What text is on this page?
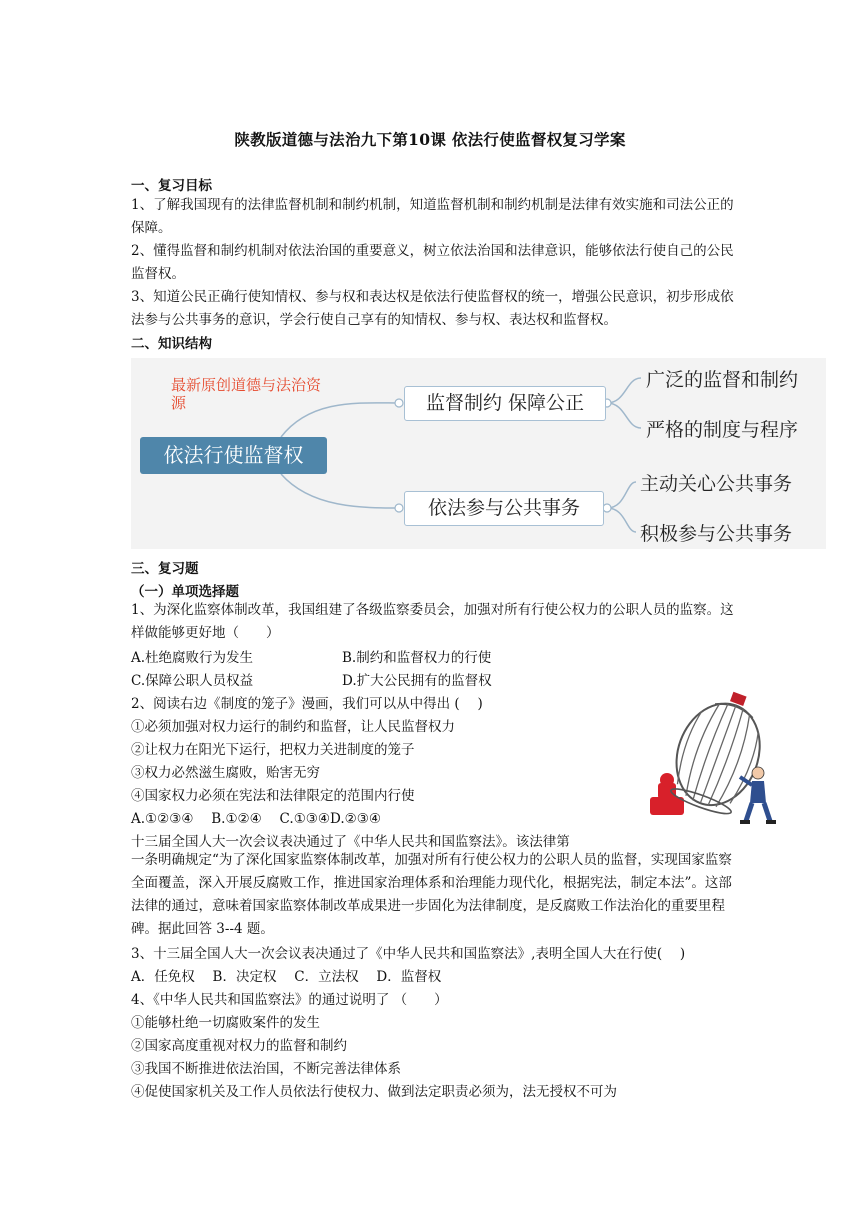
陕教版道德与法治九下第10课 依法行使监督权复习学案
一、复习目标
1、了解我国现有的法律监督机制和制约机制，知道监督机制和制约机制是法律有效实施和司法公正的保障。
2、懂得监督和制约机制对依法治国的重要意义，树立依法治国和法律意识，能够依法行使自己的公民监督权。
3、知道公民正确行使知情权、参与权和表达权是依法行使监督权的统一，增强公民意识，初步形成依法参与公共事务的意识，学会行使自己享有的知情权、参与权、表达权和监督权。
二、知识结构
最新原创道德与法治资源
依法行使监督权
监督制约 保障公正
依法参与公共事务
广泛的监督和制约
严格的制度与程序
主动关心公共事务
积极参与公共事务
三、复习题
（一）单项选择题
1、为深化监察体制改革，我国组建了各级监察委员会，加强对所有行使公权力的公职人员的监察。这样做能够更好地（　　）
A.杜绝腐败行为发生	B.制约和监督权力的行使
C.保障公职人员权益	D.扩大公民拥有的监督权
2、阅读右边《制度的笼子》漫画，我们可以从中得出 (　 )
①必须加强对权力运行的制约和监督，让人民监督权力
②让权力在阳光下运行，把权力关进制度的笼子
③权力必然滋生腐败，贻害无穷
④国家权力必须在宪法和法律限定的范围内行使
A.①②③④　 B.①②④　 C.①③④D.②③④
十三届全国人大一次会议表决通过了《中华人民共和国监察法》。该法律第
一条明确规定“为了深化国家监察体制改革，加强对所有行使公权力的公职人员的监督，实现国家监察全面覆盖，深入开展反腐败工作，推进国家治理体系和治理能力现代化，根据宪法，制定本法”。这部法律的通过，意味着国家监察体制改革成果进一步固化为法律制度，是反腐败工作法治化的重要里程碑。据此回答 3--4 题。
3、十三届全国人大一次会议表决通过了《中华人民共和国监察法》,表明全国人大在行使(　 )
A．任免权　 B．决定权　 C．立法权　 D．监督权
4、《中华人民共和国监察法》的通过说明了 （　　）
①能够杜绝一切腐败案件的发生
②国家高度重视对权力的监督和制约
③我国不断推进依法治国，不断完善法律体系
④促使国家机关及工作人员依法行使权力、做到法定职责必须为，法无授权不可为
